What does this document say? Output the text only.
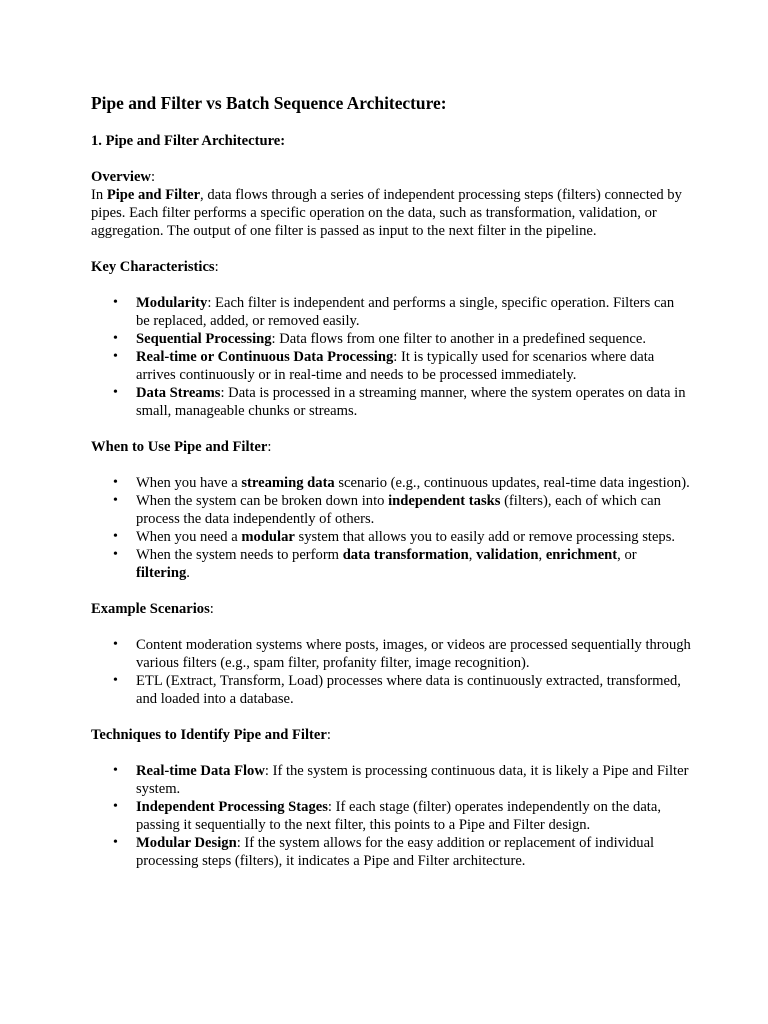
Pipe and Filter vs Batch Sequence Architecture:
1. Pipe and Filter Architecture:

Overview:
In Pipe and Filter, data flows through a series of independent processing steps (filters) connected by pipes. Each filter performs a specific operation on the data, such as transformation, validation, or aggregation. The output of one filter is passed as input to the next filter in the pipeline.

Key Characteristics:

• Modularity: Each filter is independent and performs a single, specific operation. Filters can be replaced, added, or removed easily.
• Sequential Processing: Data flows from one filter to another in a predefined sequence.
• Real-time or Continuous Data Processing: It is typically used for scenarios where data arrives continuously or in real-time and needs to be processed immediately.
• Data Streams: Data is processed in a streaming manner, where the system operates on data in small, manageable chunks or streams.

When to Use Pipe and Filter:

• When you have a streaming data scenario (e.g., continuous updates, real-time data ingestion).
• When the system can be broken down into independent tasks (filters), each of which can process the data independently of others.
• When you need a modular system that allows you to easily add or remove processing steps.
• When the system needs to perform data transformation, validation, enrichment, or filtering.

Example Scenarios:

• Content moderation systems where posts, images, or videos are processed sequentially through various filters (e.g., spam filter, profanity filter, image recognition).
• ETL (Extract, Transform, Load) processes where data is continuously extracted, transformed, and loaded into a database.

Techniques to Identify Pipe and Filter:

• Real-time Data Flow: If the system is processing continuous data, it is likely a Pipe and Filter system.
• Independent Processing Stages: If each stage (filter) operates independently on the data, passing it sequentially to the next filter, this points to a Pipe and Filter design.
• Modular Design: If the system allows for the easy addition or replacement of individual processing steps (filters), it indicates a Pipe and Filter architecture.
